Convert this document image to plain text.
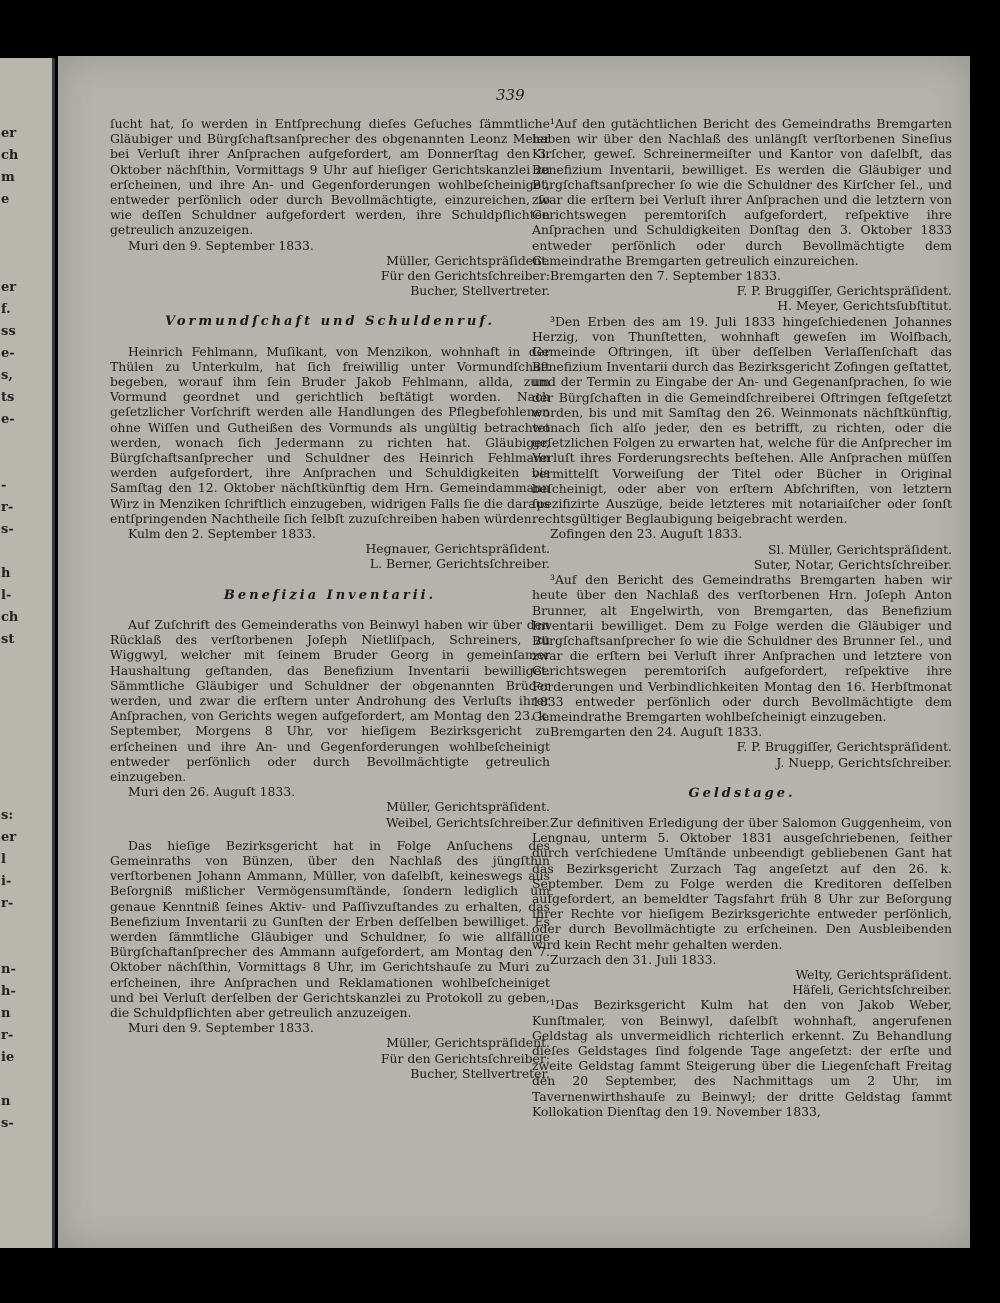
er
ch
m
e
er
f.
ss
e-
s,
ts
e-
-
r-
s-
h
l-
ch
st
s:
er
l
i-
r-
n-
h-
n
r-
ie
n
s-
339

ſucht hat, ſo werden in Entſprechung dieſes Geſuches ſämmtliche Gläubiger und Bürgſchaftsanſprecher des obgenannten Leonz Meier bei Verluſt ihrer Anſprachen aufgefordert, am Donnerſtag den 3. Oktober nächſthin, Vormittags 9 Uhr auf hieſiger Gerichtskanzlei zu erſcheinen, und ihre An- und Gegenforderungen wohlbeſcheiniget, entweder perſönlich oder durch Bevollmächtigte, einzureichen, ſo wie deſſen Schuldner aufgefordert werden, ihre Schuldpflichten getreulich anzuzeigen.

Muri den 9. September 1833.

Müller, Gerichtspräſident.

Für den Gerichtsſchreiber:

Bucher, Stellvertreter.

Vormundſchaft und Schuldenruf.

Heinrich Fehlmann, Muſikant, von Menzikon, wohnhaft in der Thülen zu Unterkulm, hat ſich freiwillig unter Vormundſchaft begeben, worauf ihm ſein Bruder Jakob Fehlmann, allda, zum Vormund geordnet und gerichtlich beſtätigt worden. Nach geſetzlicher Vorſchrift werden alle Handlungen des Pflegbefohlenen ohne Wiſſen und Gutheißen des Vormunds als ungültig betrachtet werden, wonach ſich Jedermann zu richten hat. Gläubiger, Bürgſchaftsanſprecher und Schuldner des Heinrich Fehlmann werden aufgefordert, ihre Anſprachen und Schuldigkeiten bis Samſtag den 12. Oktober nächſtkünftig dem Hrn. Gemeindammann Wirz in Menziken ſchriftlich einzugeben, widrigen Falls ſie die daraus entſpringenden Nachtheile ſich ſelbſt zuzuſchreiben haben würden.

Kulm den 2. September 1833.

Hegnauer, Gerichtspräſident.

L. Berner, Gerichtsſchreiber.

Benefizia Inventarii.

Auf Zuſchrift des Gemeinderaths von Beinwyl haben wir über den Rücklaß des verſtorbenen Joſeph Nietliſpach, Schreiners, zu Wiggwyl, welcher mit ſeinem Bruder Georg in gemeinſamer Haushaltung geſtanden, das Benefizium Inventarii bewilliget. Sämmtliche Gläubiger und Schuldner der obgenannten Brüder werden, und zwar die erſtern unter Androhung des Verluſts ihrer Anſprachen, von Gerichts wegen aufgefordert, am Montag den 23. k. September, Morgens 8 Uhr, vor hieſigem Bezirksgericht zu erſcheinen und ihre An- und Gegenforderungen wohlbeſcheinigt entweder perſönlich oder durch Bevollmächtigte getreulich einzugeben.

Muri den 26. Auguſt 1833.

Müller, Gerichtspräſident.

Weibel, Gerichtsſchreiber.

Das hieſige Bezirksgericht hat in Folge Anſuchens des Gemeinraths von Bünzen, über den Nachlaß des jüngſthin verſtorbenen Johann Ammann, Müller, von daſelbſt, keineswegs aus Beſorgniß mißlicher Vermögensumſtände, ſondern lediglich um genaue Kenntniß ſeines Aktiv- und Paſſivzuſtandes zu erhalten, das Benefizium Inventarii zu Gunſten der Erben deſſelben bewilliget. Es werden ſämmtliche Gläubiger und Schuldner, ſo wie allfällige Bürgſchaftanſprecher des Ammann aufgefordert, am Montag den 7. Oktober nächſthin, Vormittags 8 Uhr, im Gerichtshauſe zu Muri zu erſcheinen, ihre Anſprachen und Reklamationen wohlbeſcheiniget und bei Verluſt derſelben der Gerichtskanzlei zu Protokoll zu geben, die Schuldpflichten aber getreulich anzuzeigen.

Muri den 9. September 1833.

Müller, Gerichtspräſident.

Für den Gerichtsſchreiber:

Bucher, Stellvertreter.

¹Auf den gutächtlichen Bericht des Gemeindraths Bremgarten haben wir über den Nachlaß des unlängſt verſtorbenen Sineſius Kirſcher, geweſ. Schreinermeiſter und Kantor von daſelbſt, das Benefizium Inventarii, bewilliget. Es werden die Gläubiger und Bürgſchaftsanſprecher ſo wie die Schuldner des Kirſcher ſel., und zwar die erſtern bei Verluſt ihrer Anſprachen und die letztern von Gerichtswegen peremtoriſch aufgefordert, reſpektive ihre Anſprachen und Schuldigkeiten Donſtag den 3. Oktober 1833 entweder perſönlich oder durch Bevollmächtigte dem Gemeindrathe Bremgarten getreulich einzureichen.

Bremgarten den 7. September 1833.

F. P. Bruggiſſer, Gerichtspräſident.

H. Meyer, Gerichtsſubſtitut.

³Den Erben des am 19. Juli 1833 hingeſchiedenen Johannes Herzig, von Thunſtetten, wohnhaft geweſen im Wolfbach, Gemeinde Oftringen, iſt über deſſelben Verlaſſenſchaft das Benefizium Inventarii durch das Bezirksgericht Zofingen geſtattet, und der Termin zu Eingabe der An- und Gegenanſprachen, ſo wie der Bürgſchaften in die Gemeindſchreiberei Oftringen feſtgeſetzt worden, bis und mit Samſtag den 26. Weinmonats nächſtkünftig, wonach ſich alſo jeder, den es betrifft, zu richten, oder die geſetzlichen Folgen zu erwarten hat, welche für die Anſprecher im Verluſt ihres Forderungsrechts beſtehen. Alle Anſprachen müſſen vermittelſt Vorweiſung der Titel oder Bücher in Original beſcheinigt, oder aber von erſtern Abſchriften, von letztern ſpezifizirte Auszüge, beide letzteres mit notariaiſcher oder ſonſt rechtsgültiger Beglaubigung beigebracht werden.

Zofingen den 23. Auguſt 1833.

Sl. Müller, Gerichtspräſident.

Suter, Notar, Gerichtsſchreiber.

³Auf den Bericht des Gemeindraths Bremgarten haben wir heute über den Nachlaß des verſtorbenen Hrn. Joſeph Anton Brunner, alt Engelwirth, von Bremgarten, das Benefizium Inventarii bewilliget. Dem zu Folge werden die Gläubiger und Bürgſchaftsanſprecher ſo wie die Schuldner des Brunner ſel., und zwar die erſtern bei Verluſt ihrer Anſprachen und letztere von Gerichtswegen peremtoriſch aufgefordert, reſpektive ihre Forderungen und Verbindlichkeiten Montag den 16. Herbſtmonat 1833 entweder perſönlich oder durch Bevollmächtigte dem Gemeindrathe Bremgarten wohlbeſcheinigt einzugeben.

Bremgarten den 24. Auguſt 1833.

F. P. Bruggiſſer, Gerichtspräſident.

J. Nuepp, Gerichtsſchreiber.

Geldstage.

Zur definitiven Erledigung der über Salomon Guggenheim, von Lengnau, unterm 5. Oktober 1831 ausgeſchriebenen, ſeither durch verſchiedene Umſtände unbeendigt gebliebenen Gant hat das Bezirksgericht Zurzach Tag angeſetzt auf den 26. k. September. Dem zu Folge werden die Kreditoren deſſelben aufgefordert, an bemeldter Tagsfahrt früh 8 Uhr zur Beſorgung ihrer Rechte vor hieſigem Bezirksgerichte entweder perſönlich, oder durch Bevollmächtigte zu erſcheinen. Den Ausbleibenden wird kein Recht mehr gehalten werden.

Zurzach den 31. Juli 1833.

Welty, Gerichtspräſident.

Häfeli, Gerichtsſchreiber.

¹Das Bezirksgericht Kulm hat den von Jakob Weber, Kunſtmaler, von Beinwyl, daſelbſt wohnhaft, angerufenen Geldstag als unvermeidlich richterlich erkennt. Zu Behandlung dieſes Geldstages ſind folgende Tage angeſetzt: der erſte und zweite Geldstag ſammt Steigerung über die Liegenſchaft Freitag den 20 September, des Nachmittags um 2 Uhr, im Tavernenwirthshauſe zu Beinwyl; der dritte Geldstag ſammt Kollokation Dienſtag den 19. November 1833,
